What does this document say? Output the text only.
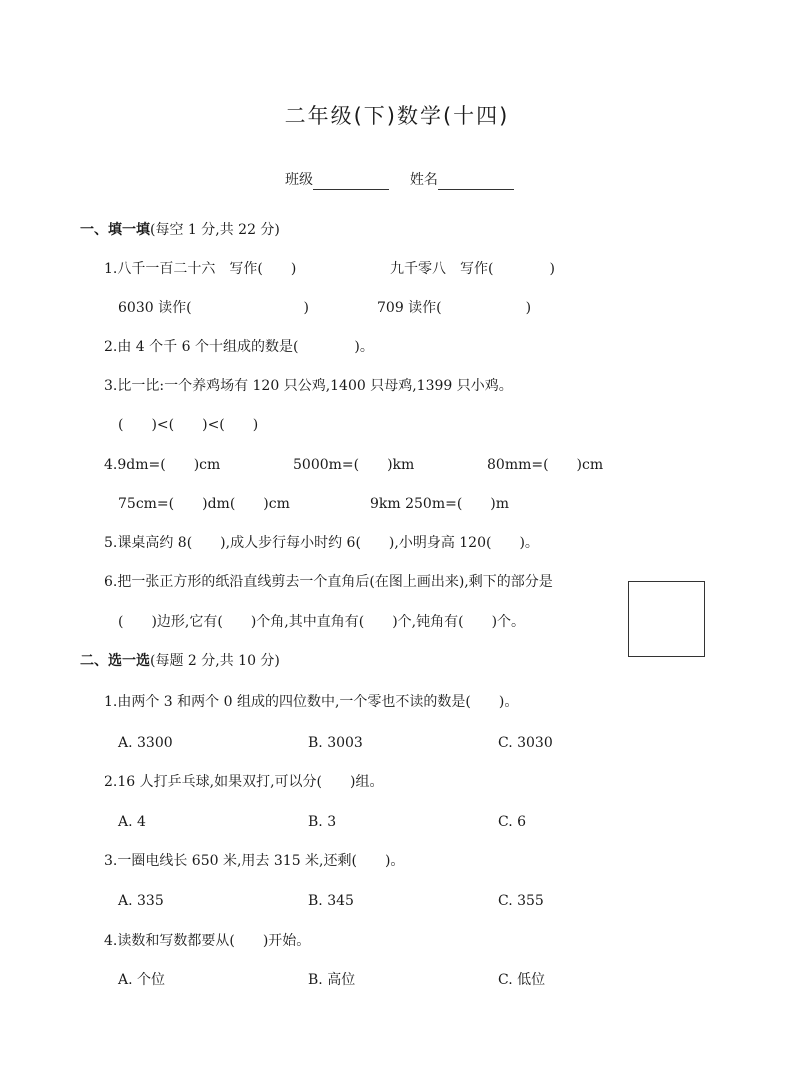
二年级(下)数学(十四)
班级	姓名
一、填一填(每空 1 分,共 22 分)
1.八千一百二十六　写作(　　)	九千零八　写作(　　　　)
6030 读作(　　　　　　　　)	709 读作(　　　　　　)
2.由 4 个千 6 个十组成的数是(　　　　)。
3.比一比:一个养鸡场有 120 只公鸡,1400 只母鸡,1399 只小鸡。
(　　)<(　　)<(　　)
4.9dm=(　　)cm	5000m=(　　)km	80mm=(　　)cm
75cm=(　　)dm(　　)cm	9km 250m=(　　)m
5.课桌高约 8(　　),成人步行每小时约 6(　　),小明身高 120(　　)。
6.把一张正方形的纸沿直线剪去一个直角后(在图上画出来),剩下的部分是
(　　)边形,它有(　　)个角,其中直角有(　　)个,钝角有(　　)个。
二、选一选(每题 2 分,共 10 分)
1.由两个 3 和两个 0 组成的四位数中,一个零也不读的数是(　　)。
A. 3300	B. 3003	C. 3030
2.16 人打乒乓球,如果双打,可以分(　　)组。
A. 4	B. 3	C. 6
3.一圈电线长 650 米,用去 315 米,还剩(　　)。
A. 335	B. 345	C. 355
4.读数和写数都要从(　　)开始。
A. 个位	B. 高位	C. 低位
